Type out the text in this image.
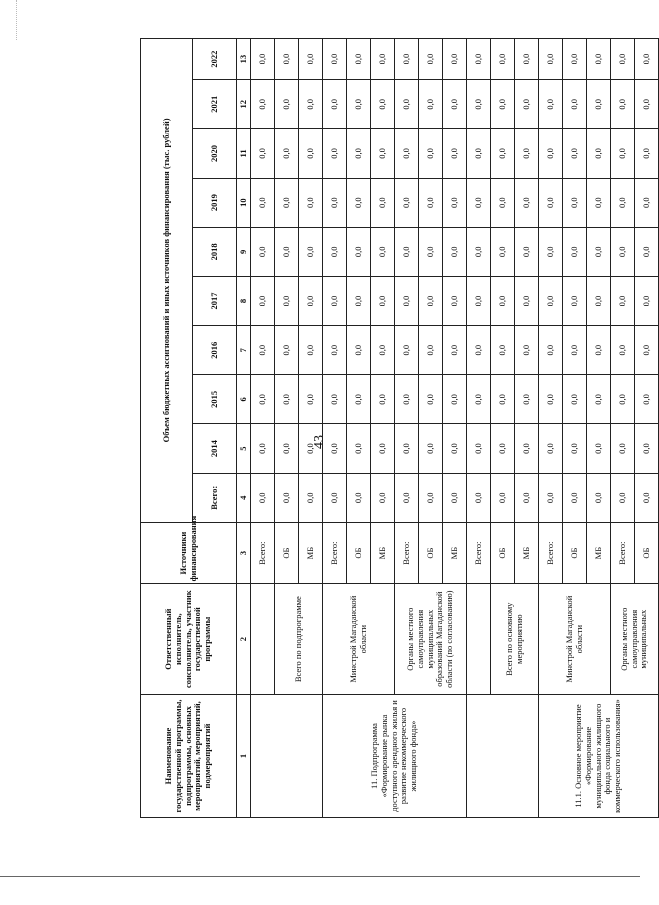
43
Наименование государственной программы, подпрограммы, основных мероприятий, мероприятий, подмероприятий	Ответственный исполнитель, соисполнитель, участник государственной программы	Источники финансирования	Объем бюджетных ассигнований и иных источников финансирования (тыс. рублей)									
			Всего:	2014	2015	2016	2017	2018	2019	2020	2021	2022
1	2	3	4	5	6	7	8	9	10	11	12	13
		Всего:	0,0	0,0	0,0	0,0	0,0	0,0	0,0	0,0	0,0	0,0
	Всего по подпрограмме	ОБ	0,0	0,0	0,0	0,0	0,0	0,0	0,0	0,0	0,0	0,0
		МБ	0,0	0,0	0,0	0,0	0,0	0,0	0,0	0,0	0,0	0,0
11. Подпрограмма «Формирование рынка доступного арендного жилья и развитие некоммерческого жилищного фонда»	Минстрой Магаданской области	Всего:	0,0	0,0	0,0	0,0	0,0	0,0	0,0	0,0	0,0	0,0
		ОБ	0,0	0,0	0,0	0,0	0,0	0,0	0,0	0,0	0,0	0,0
		МБ	0,0	0,0	0,0	0,0	0,0	0,0	0,0	0,0	0,0	0,0
	Органы местного самоуправления муниципальных образований Магаданской области (по согласованию)	Всего:	0,0	0,0	0,0	0,0	0,0	0,0	0,0	0,0	0,0	0,0
		ОБ	0,0	0,0	0,0	0,0	0,0	0,0	0,0	0,0	0,0	0,0
		МБ	0,0	0,0	0,0	0,0	0,0	0,0	0,0	0,0	0,0	0,0
		Всего:	0,0	0,0	0,0	0,0	0,0	0,0	0,0	0,0	0,0	0,0
	Всего по основному мероприятию	ОБ	0,0	0,0	0,0	0,0	0,0	0,0	0,0	0,0	0,0	0,0
		МБ	0,0	0,0	0,0	0,0	0,0	0,0	0,0	0,0	0,0	0,0
11.1. Основное мероприятие «Формирование муниципального жилищного фонда социального и коммерческого использования»	Минстрой Магаданской области	Всего:	0,0	0,0	0,0	0,0	0,0	0,0	0,0	0,0	0,0	0,0
		ОБ	0,0	0,0	0,0	0,0	0,0	0,0	0,0	0,0	0,0	0,0
		МБ	0,0	0,0	0,0	0,0	0,0	0,0	0,0	0,0	0,0	0,0
	Органы местного самоуправления муниципальных	Всего:	0,0	0,0	0,0	0,0	0,0	0,0	0,0	0,0	0,0	0,0
		ОБ	0,0	0,0	0,0	0,0	0,0	0,0	0,0	0,0	0,0	0,0
